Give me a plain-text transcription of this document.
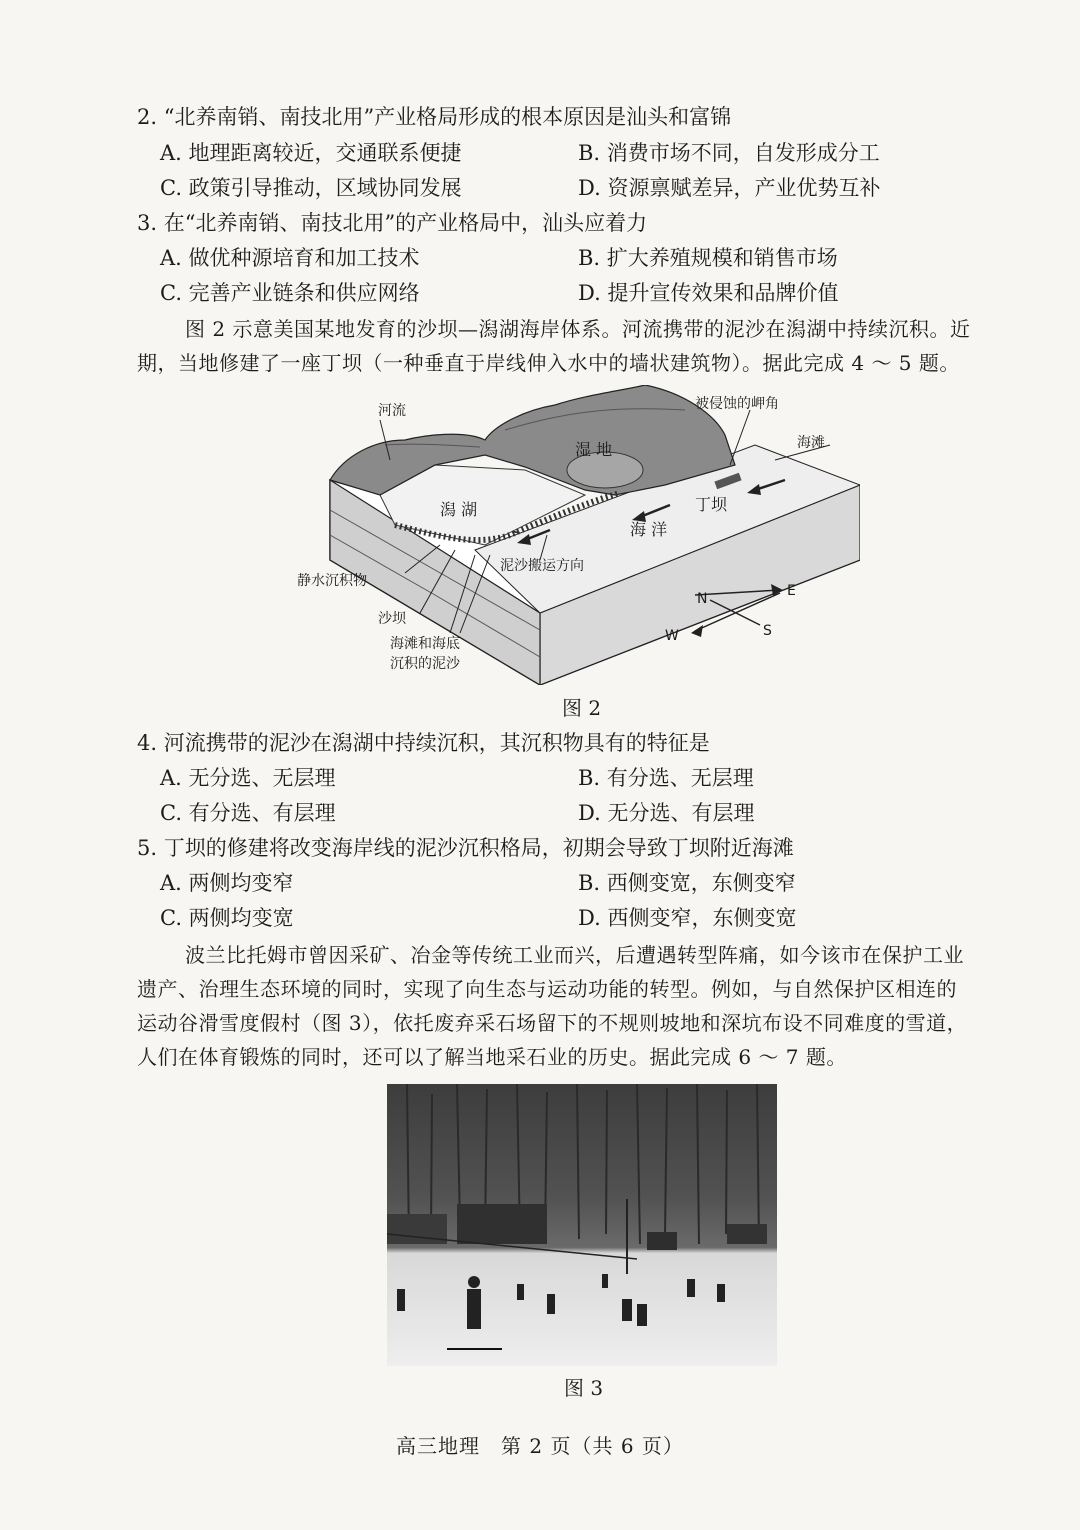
2. “北养南销、南技北用”产业格局形成的根本原因是汕头和富锦
A. 地理距离较近，交通联系便捷	B. 消费市场不同，自发形成分工
C. 政策引导推动，区域协同发展	D. 资源禀赋差异，产业优势互补
3. 在“北养南销、南技北用”的产业格局中，汕头应着力
A. 做优种源培育和加工技术	B. 扩大养殖规模和销售市场
C. 完善产业链条和供应网络	D. 提升宣传效果和品牌价值
图 2 示意美国某地发育的沙坝—潟湖海岸体系。河流携带的泥沙在潟湖中持续沉积。近
期，当地修建了一座丁坝（一种垂直于岸线伸入水中的墙状建筑物）。据此完成 4 ～ 5 题。
河流
湿 地
被侵蚀的岬角
海滩
潟 湖	丁坝
海 洋
泥沙搬运方向
静水沉积物
沙坝
海滩和海底
沉积的泥沙
N	E
S
W
图 2
4. 河流携带的泥沙在潟湖中持续沉积，其沉积物具有的特征是
A. 无分选、无层理	B. 有分选、无层理
C. 有分选、有层理	D. 无分选、有层理
5. 丁坝的修建将改变海岸线的泥沙沉积格局，初期会导致丁坝附近海滩
A. 两侧均变窄	B. 西侧变宽，东侧变窄
C. 两侧均变宽	D. 西侧变窄，东侧变宽
波兰比托姆市曾因采矿、冶金等传统工业而兴，后遭遇转型阵痛，如今该市在保护工业
遗产、治理生态环境的同时，实现了向生态与运动功能的转型。例如，与自然保护区相连的
运动谷滑雪度假村（图 3），依托废弃采石场留下的不规则坡地和深坑布设不同难度的雪道，
人们在体育锻炼的同时，还可以了解当地采石业的历史。据此完成 6 ～ 7 题。
图 3
高三地理　第 2 页（共 6 页）
